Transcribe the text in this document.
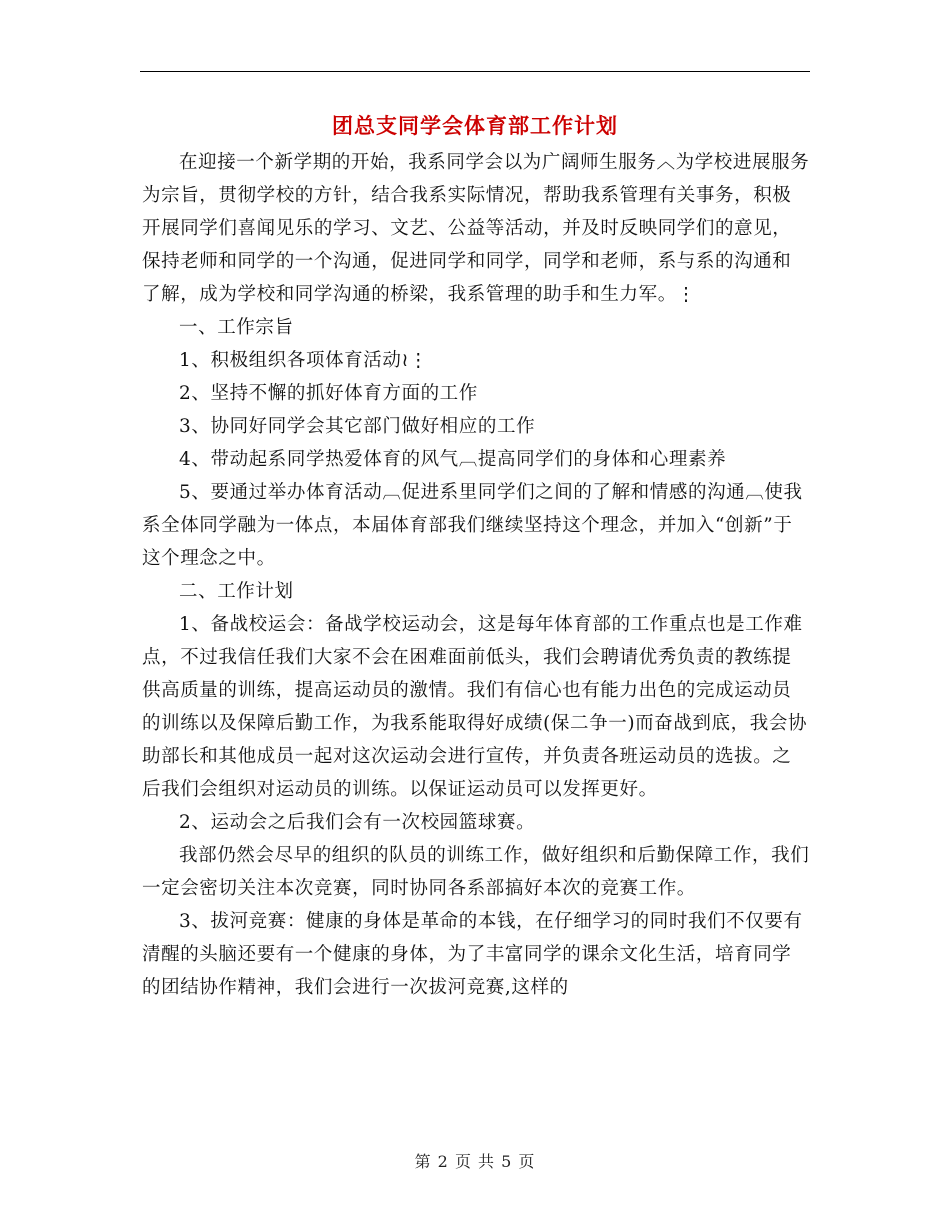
团总支同学会体育部工作计划

在迎接一个新学期的开始，我系同学会以为广阔师生服务︿为学校进展服务为宗旨，贯彻学校的方针，结合我系实际情况，帮助我系管理有关事务，积极开展同学们喜闻见乐的学习、文艺、公益等活动，并及时反映同学们的意见，保持老师和同学的一个沟通，促进同学和同学，同学和老师，系与系的沟通和了解，成为学校和同学沟通的桥梁，我系管理的助手和生力军。⋮

一、工作宗旨

1、积极组织各项体育活动≀⋮

2、坚持不懈的抓好体育方面的工作

3、协同好同学会其它部门做好相应的工作

4、带动起系同学热爱体育的风气︹提高同学们的身体和心理素养

5、要通过举办体育活动︹促进系里同学们之间的了解和情感的沟通︹使我系全体同学融为一体点，本届体育部我们继续坚持这个理念，并加入“创新”于这个理念之中。

二、工作计划

1、备战校运会：备战学校运动会，这是每年体育部的工作重点也是工作难点，不过我信任我们大家不会在困难面前低头，我们会聘请优秀负责的教练提供高质量的训练，提高运动员的激情。我们有信心也有能力出色的完成运动员的训练以及保障后勤工作，为我系能取得好成绩(保二争一)而奋战到底，我会协助部长和其他成员一起对这次运动会进行宣传，并负责各班运动员的选拔。之后我们会组织对运动员的训练。以保证运动员可以发挥更好。

2、运动会之后我们会有一次校园篮球赛。

我部仍然会尽早的组织的队员的训练工作，做好组织和后勤保障工作，我们一定会密切关注本次竞赛，同时协同各系部搞好本次的竞赛工作。

3、拔河竞赛：健康的身体是革命的本钱，在仔细学习的同时我们不仅要有清醒的头脑还要有一个健康的身体，为了丰富同学的课余文化生活，培育同学的团结协作精神，我们会进行一次拔河竞赛,这样的

第 2 页 共 5 页
